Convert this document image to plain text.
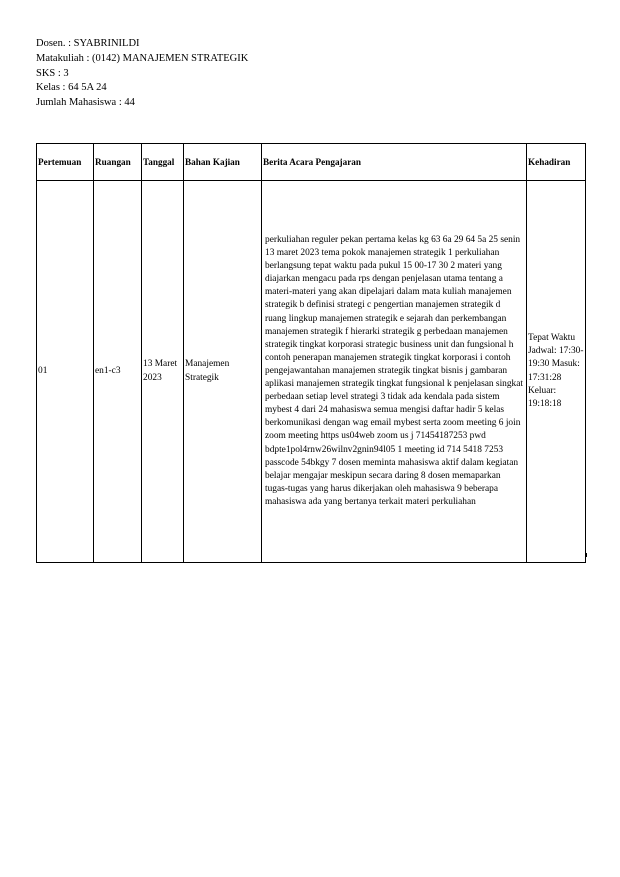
Dosen. : SYABRINILDI
Matakuliah : (0142) MANAJEMEN STRATEGIK
SKS : 3
Kelas : 64 5A 24
Jumlah Mahasiswa : 44
Pertemuan	Ruangan	Tanggal	Bahan Kajian	Berita Acara Pengajaran	Kehadiran
01	en1-c3	13 Maret 2023	Manajemen Strategik	perkuliahan reguler pekan pertama kelas kg 63 6a 29 64 5a 25 senin 13 maret 2023 tema pokok manajemen strategik 1 perkuliahan berlangsung tepat waktu pada pukul 15 00-17 30 2 materi yang diajarkan mengacu pada rps dengan penjelasan utama tentang a materi-materi yang akan dipelajari dalam mata kuliah manajemen strategik b definisi strategi c pengertian manajemen strategik d ruang lingkup manajemen strategik e sejarah dan perkembangan manajemen strategik f hierarki strategik g perbedaan manajemen strategik tingkat korporasi strategic business unit dan fungsional h contoh penerapan manajemen strategik tingkat korporasi i contoh pengejawantahan manajemen strategik tingkat bisnis j gambaran aplikasi manajemen strategik tingkat fungsional k penjelasan singkat perbedaan setiap level strategi 3 tidak ada kendala pada sistem mybest 4 dari 24 mahasiswa semua mengisi daftar hadir 5 kelas berkomunikasi dengan wag email mybest serta zoom meeting 6 join zoom meeting https us04web zoom us j 71454187253 pwd bdpte1pol4rnw26wilnv2gnin94l05 1 meeting id 714 5418 7253 passcode 54bkgy 7 dosen meminta mahasiswa aktif dalam kegiatan belajar mengajar meskipun secara daring 8 dosen memaparkan tugas-tugas yang harus dikerjakan oleh mahasiswa 9 beberapa mahasiswa ada yang bertanya terkait materi perkuliahan	Tepat Waktu Jadwal: 17:30-19:30 Masuk: 17:31:28 Keluar: 19:18:18
